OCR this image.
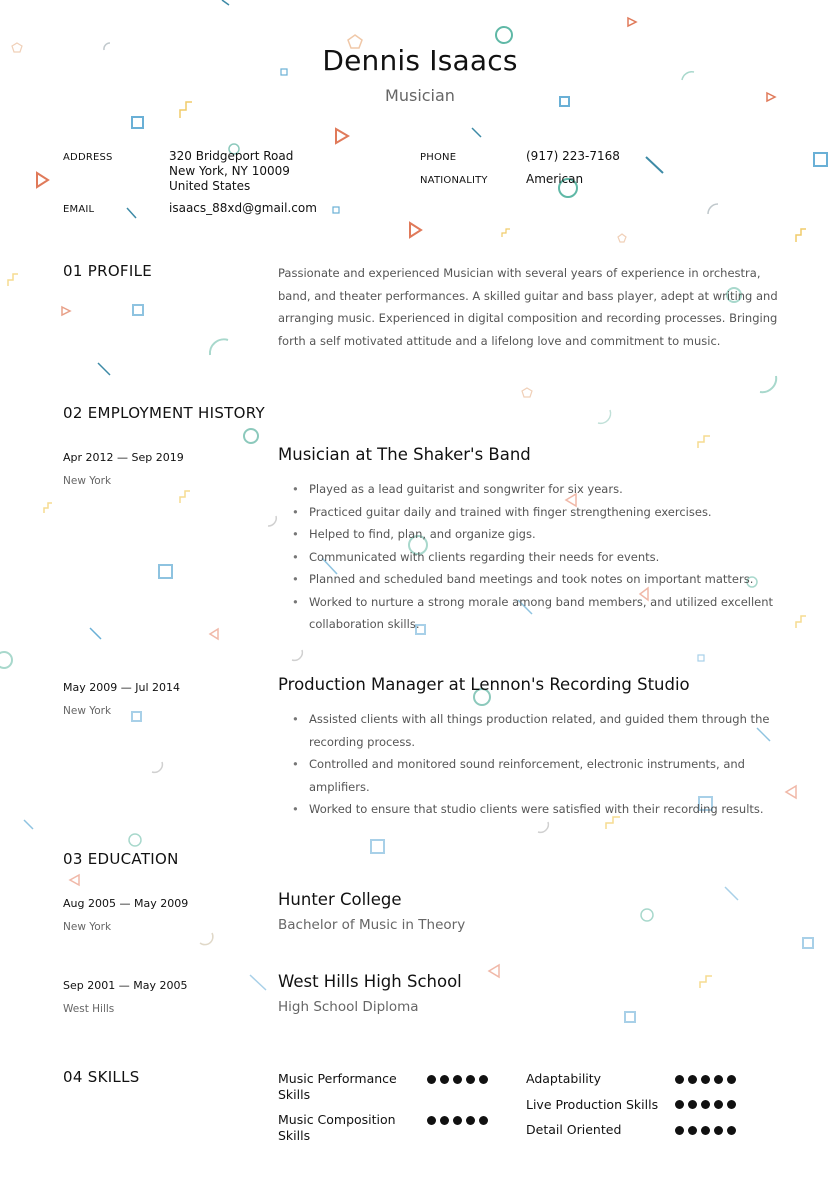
Dennis Isaacs
Musician
ADDRESS	320 Bridgeport Road
New York, NY 10009
United States
EMAIL	isaacs_88xd@gmail.com
PHONE	(917) 223-7168
NATIONALITY	American
01 PROFILE	Passionate and experienced Musician with several years of experience in orchestra, band, and theater performances. A skilled guitar and bass player, adept at writing and arranging music. Experienced in digital composition and recording processes. Bringing forth a self motivated attitude and a lifelong love and commitment to music.
02 EMPLOYMENT HISTORY
Apr 2012 — Sep 2019
New York
Musician at The Shaker's Band
• Played as a lead guitarist and songwriter for six years.
• Practiced guitar daily and trained with finger strengthening exercises.
• Helped to find, plan, and organize gigs.
• Communicated with clients regarding their needs for events.
• Planned and scheduled band meetings and took notes on important matters.
• Worked to nurture a strong morale among band members, and utilized excellent collaboration skills.
May 2009 — Jul 2014
New York
Production Manager at Lennon's Recording Studio
• Assisted clients with all things production related, and guided them through the recording process.
• Controlled and monitored sound reinforcement, electronic instruments, and amplifiers.
• Worked to ensure that studio clients were satisfied with their recording results.
03 EDUCATION
Aug 2005 — May 2009
New York
Hunter College
Bachelor of Music in Theory
Sep 2001 — May 2005
West Hills
West Hills High School
High School Diploma
04 SKILLS	Music Performance Skills
Music Composition Skills
Adaptability
Live Production Skills
Detail Oriented
